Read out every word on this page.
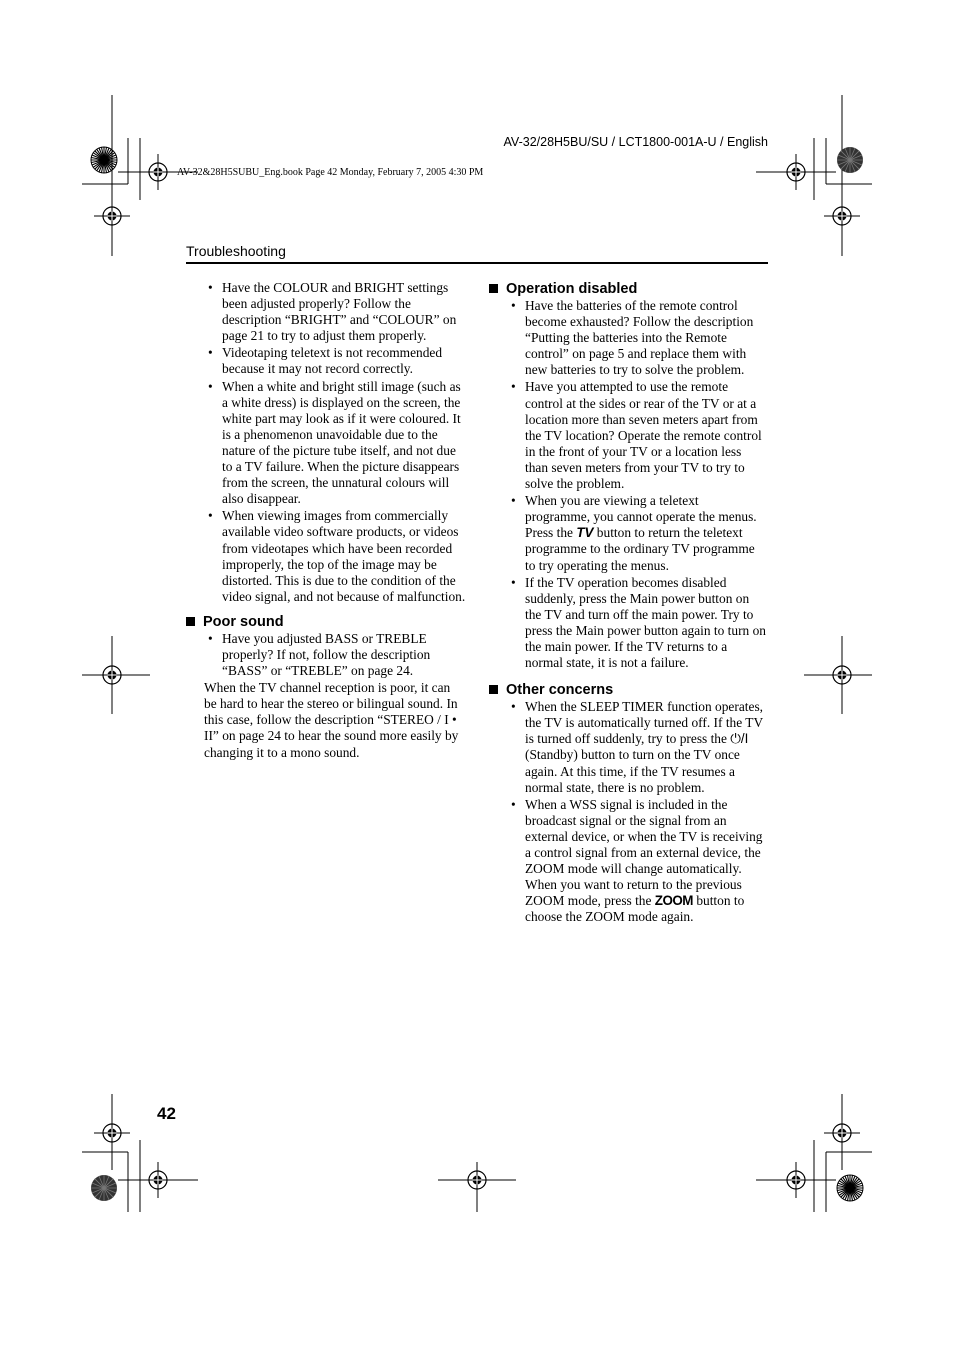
AV-32/28H5BU/SU / LCT1800-001A-U / English
AV-32&28H5SUBU_Eng.book Page 42 Monday, February 7, 2005 4:30 PM
Troubleshooting
• Have the COLOUR and BRIGHT settings been adjusted properly? Follow the description “BRIGHT” and “COLOUR” on page 21 to try to adjust them properly.
• Videotaping teletext is not recommended because it may not record correctly.
• When a white and bright still image (such as a white dress) is displayed on the screen, the white part may look as if it were coloured. It is a phenomenon unavoidable due to the nature of the picture tube itself, and not due to a TV failure. When the picture disappears from the screen, the unnatural colours will also disappear.
• When viewing images from commercially available video software products, or videos from videotapes which have been recorded improperly, the top of the image may be distorted. This is due to the condition of the video signal, and not because of malfunction.
Poor sound
• Have you adjusted BASS or TREBLE properly? If not, follow the description “BASS” or “TREBLE” on page 24.
When the TV channel reception is poor, it can be hard to hear the stereo or bilingual sound. In this case, follow the description “STEREO / I • II” on page 24 to hear the sound more easily by changing it to a mono sound.
Operation disabled
• Have the batteries of the remote control become exhausted? Follow the description “Putting the batteries into the Remote control” on page 5 and replace them with new batteries to try to solve the problem.
• Have you attempted to use the remote control at the sides or rear of the TV or at a location more than seven meters apart from the TV location? Operate the remote control in the front of your TV or a location less than seven meters from your TV to try to solve the problem.
• When you are viewing a teletext programme, you cannot operate the menus. Press the TV button to return the teletext programme to the ordinary TV programme to try operating the menus.
• If the TV operation becomes disabled suddenly, press the Main power button on the TV and turn off the main power. Try to press the Main power button again to turn on the main power. If the TV returns to a normal state, it is not a failure.
Other concerns
• When the SLEEP TIMER function operates, the TV is automatically turned off. If the TV is turned off suddenly, try to press the ⏻/I (Standby) button to turn on the TV once again. At this time, if the TV resumes a normal state, there is no problem.
• When a WSS signal is included in the broadcast signal or the signal from an external device, or when the TV is receiving a control signal from an external device, the ZOOM mode will change automatically. When you want to return to the previous ZOOM mode, press the ZOOM button to choose the ZOOM mode again.
42
